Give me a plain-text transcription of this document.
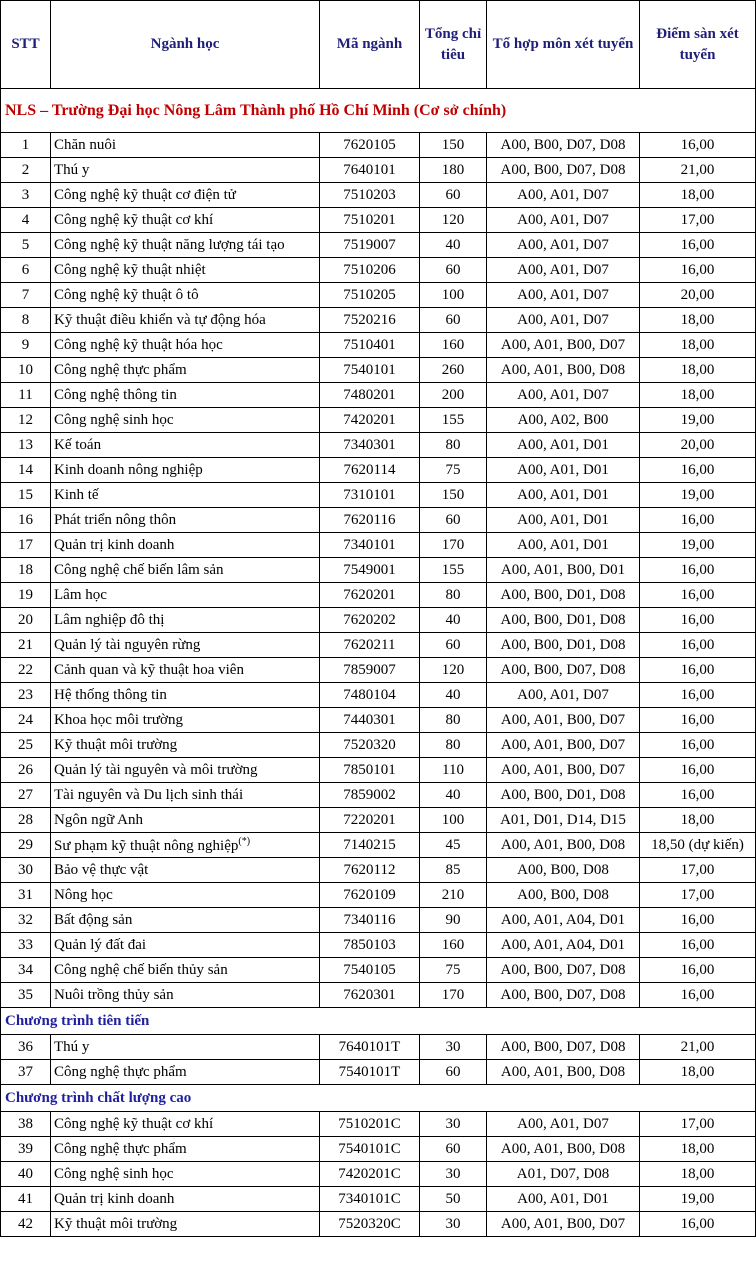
STT	Ngành học	Mã ngành	Tổng chỉ tiêu	Tổ hợp môn xét tuyển	Điểm sàn xét tuyển
NLS – Trường Đại học Nông Lâm Thành phố Hồ Chí Minh (Cơ sở chính)					
1	Chăn nuôi	7620105	150	A00, B00, D07, D08	16,00
2	Thú y	7640101	180	A00, B00, D07, D08	21,00
3	Công nghệ kỹ thuật cơ điện tử	7510203	60	A00, A01, D07	18,00
4	Công nghệ kỹ thuật cơ khí	7510201	120	A00, A01, D07	17,00
5	Công nghệ kỹ thuật năng lượng tái tạo	7519007	40	A00, A01, D07	16,00
6	Công nghệ kỹ thuật nhiệt	7510206	60	A00, A01, D07	16,00
7	Công nghệ kỹ thuật ô tô	7510205	100	A00, A01, D07	20,00
8	Kỹ thuật điều khiển và tự động hóa	7520216	60	A00, A01, D07	18,00
9	Công nghệ kỹ thuật hóa học	7510401	160	A00, A01, B00, D07	18,00
10	Công nghệ thực phẩm	7540101	260	A00, A01, B00, D08	18,00
11	Công nghệ thông tin	7480201	200	A00, A01, D07	18,00
12	Công nghệ sinh học	7420201	155	A00, A02, B00	19,00
13	Kế toán	7340301	80	A00, A01, D01	20,00
14	Kinh doanh nông nghiệp	7620114	75	A00, A01, D01	16,00
15	Kinh tế	7310101	150	A00, A01, D01	19,00
16	Phát triển nông thôn	7620116	60	A00, A01, D01	16,00
17	Quản trị kinh doanh	7340101	170	A00, A01, D01	19,00
18	Công nghệ chế biến lâm sản	7549001	155	A00, A01, B00, D01	16,00
19	Lâm học	7620201	80	A00, B00, D01, D08	16,00
20	Lâm nghiệp đô thị	7620202	40	A00, B00, D01, D08	16,00
21	Quản lý tài nguyên rừng	7620211	60	A00, B00, D01, D08	16,00
22	Cảnh quan và kỹ thuật hoa viên	7859007	120	A00, B00, D07, D08	16,00
23	Hệ thống thông tin	7480104	40	A00, A01, D07	16,00
24	Khoa học môi trường	7440301	80	A00, A01, B00, D07	16,00
25	Kỹ thuật môi trường	7520320	80	A00, A01, B00, D07	16,00
26	Quản lý tài nguyên và môi trường	7850101	110	A00, A01, B00, D07	16,00
27	Tài nguyên và Du lịch sinh thái	7859002	40	A00, B00, D01, D08	16,00
28	Ngôn ngữ Anh	7220201	100	A01, D01, D14, D15	18,00
29	Sư phạm kỹ thuật nông nghiệp(*)	7140215	45	A00, A01, B00, D08	18,50 (dự kiến)
30	Bảo vệ thực vật	7620112	85	A00, B00, D08	17,00
31	Nông học	7620109	210	A00, B00, D08	17,00
32	Bất động sản	7340116	90	A00, A01, A04, D01	16,00
33	Quản lý đất đai	7850103	160	A00, A01, A04, D01	16,00
34	Công nghệ chế biến thủy sản	7540105	75	A00, B00, D07, D08	16,00
35	Nuôi trồng thủy sản	7620301	170	A00, B00, D07, D08	16,00
Chương trình tiên tiến					
36	Thú y	7640101T	30	A00, B00, D07, D08	21,00
37	Công nghệ thực phẩm	7540101T	60	A00, A01, B00, D08	18,00
Chương trình chất lượng cao					
38	Công nghệ kỹ thuật cơ khí	7510201C	30	A00, A01, D07	17,00
39	Công nghệ thực phẩm	7540101C	60	A00, A01, B00, D08	18,00
40	Công nghệ sinh học	7420201C	30	A01, D07, D08	18,00
41	Quản trị kinh doanh	7340101C	50	A00, A01, D01	19,00
42	Kỹ thuật môi trường	7520320C	30	A00, A01, B00, D07	16,00
